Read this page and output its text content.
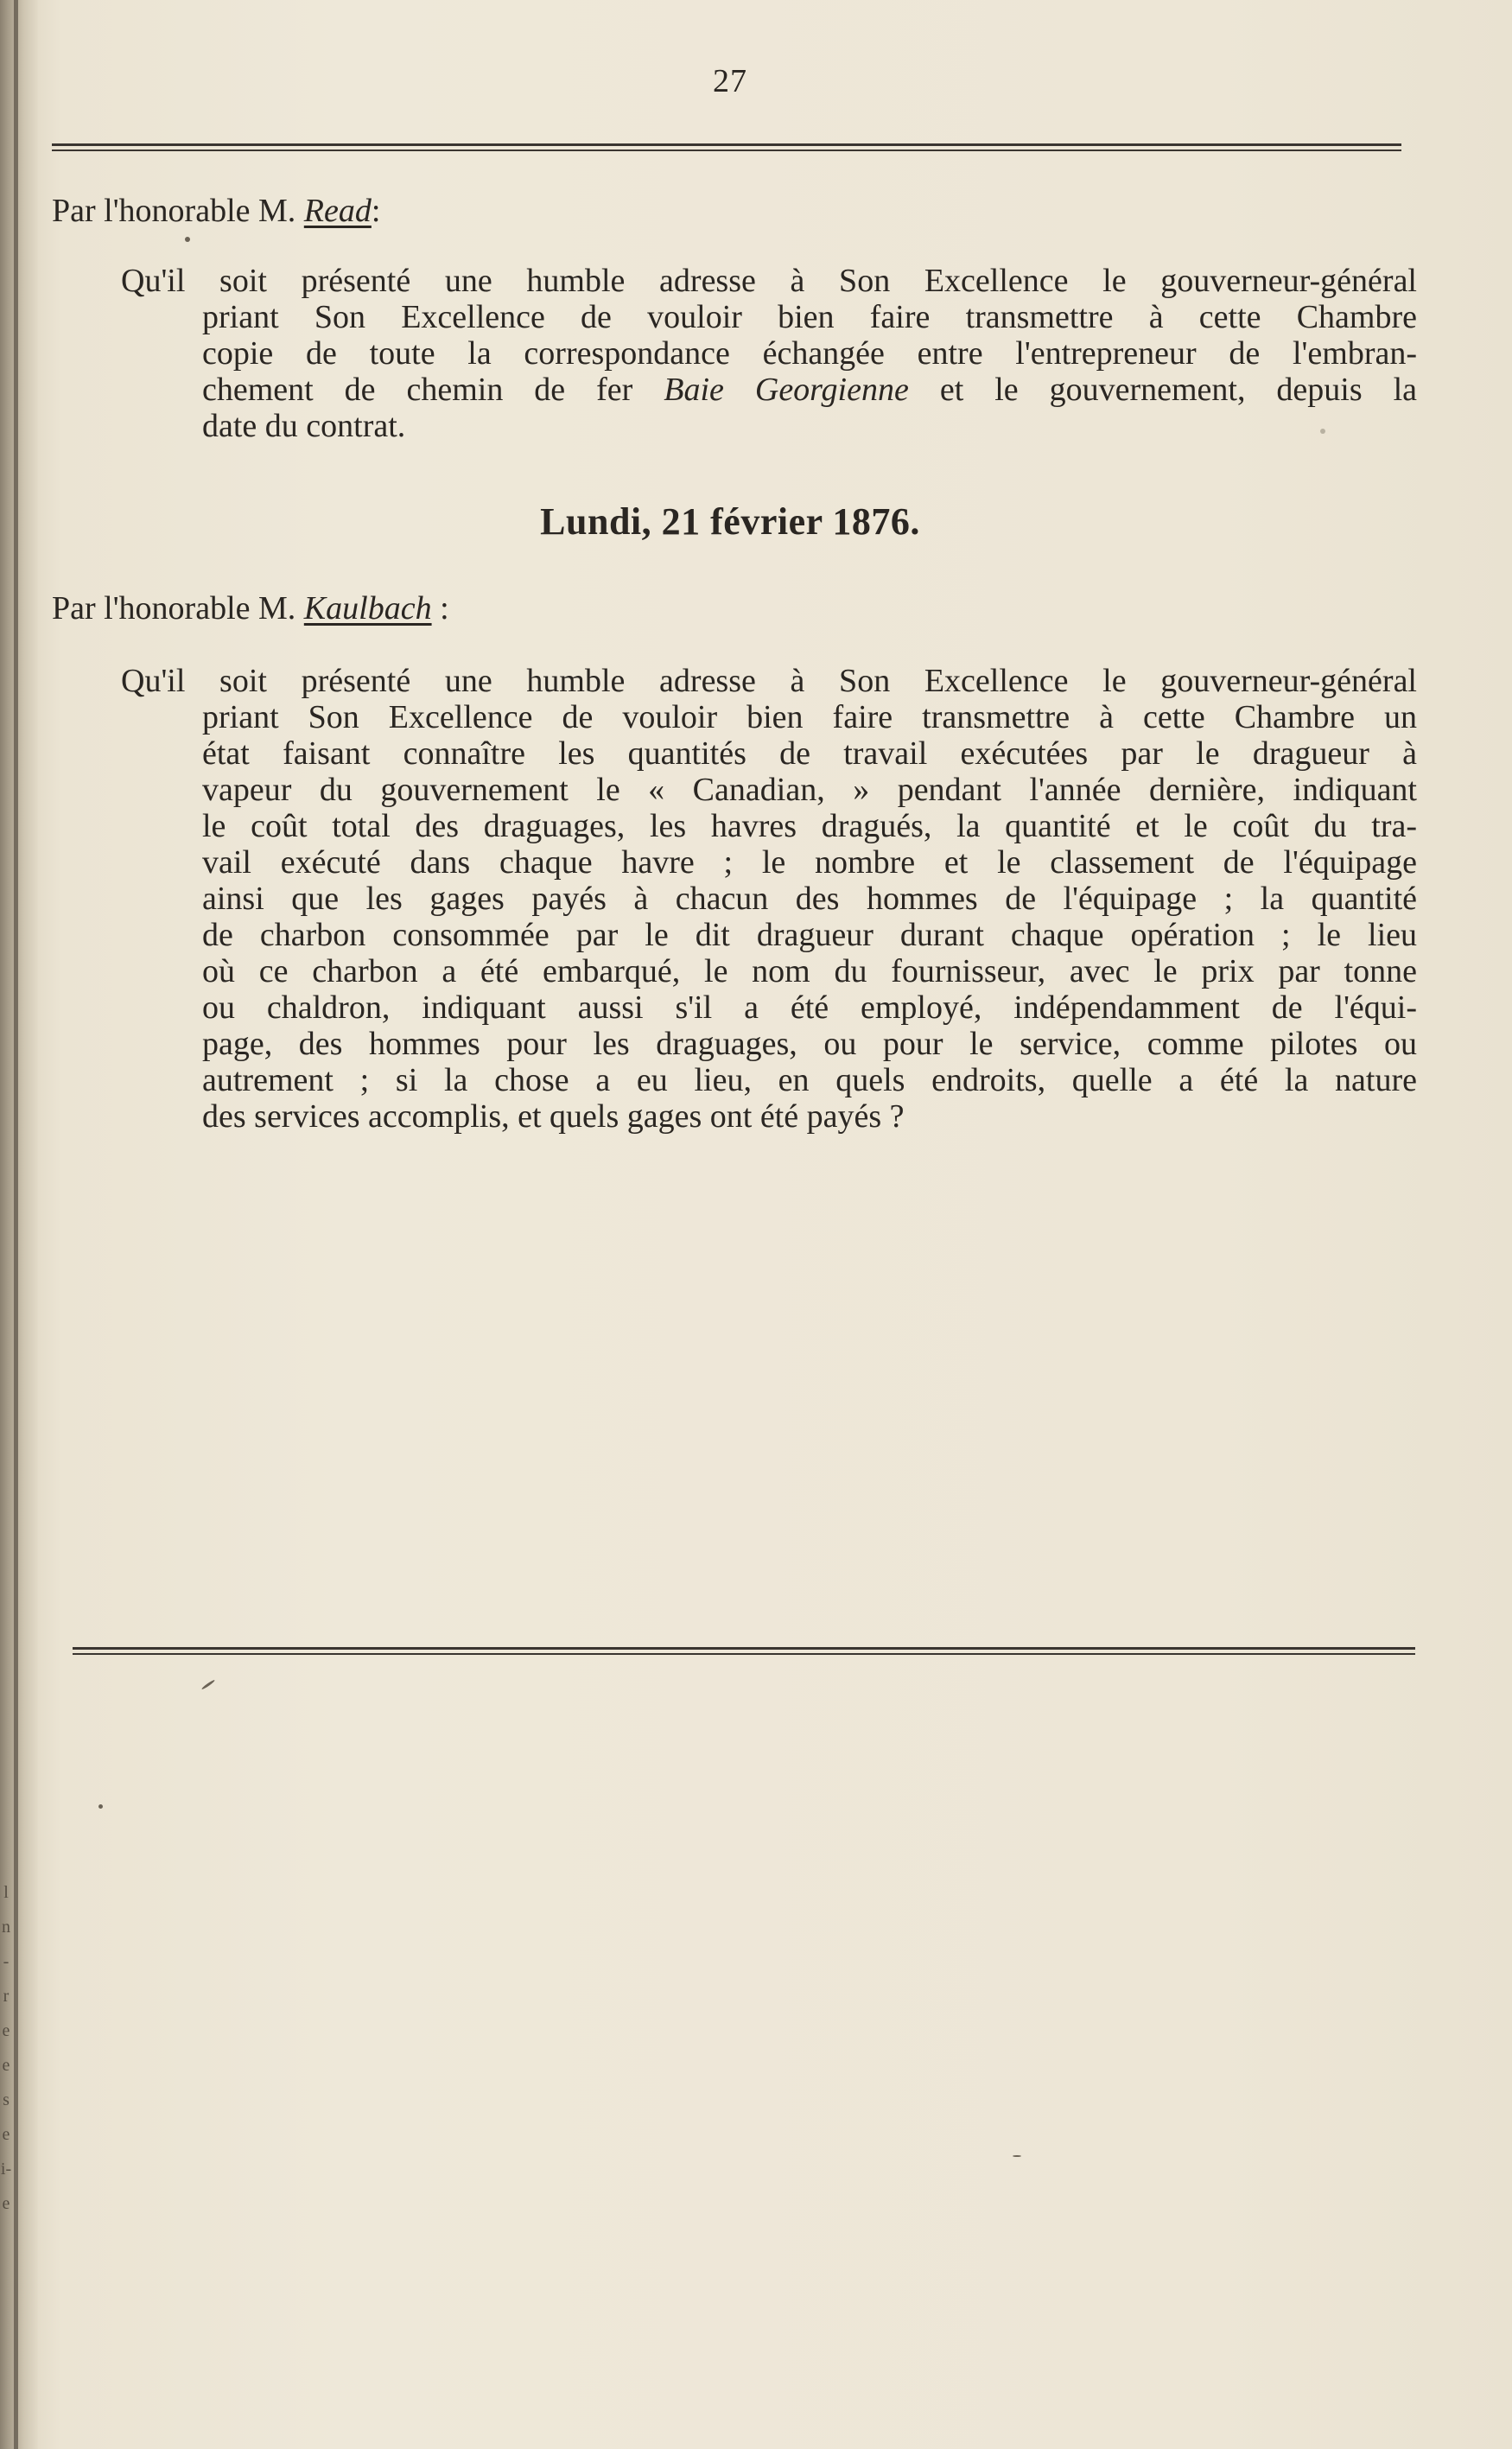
27
Par l'honorable M. Read:
Qu'il soit présenté une humble adresse à Son Excellence le gouverneur-général
priant Son Excellence de vouloir bien faire transmettre à cette Chambre
copie de toute la correspondance échangée entre l'entrepreneur de l'embran-
chement de chemin de fer Baie Georgienne et le gouvernement, depuis la
date du contrat.
Lundi, 21 février 1876.
Par l'honorable M. Kaulbach :
Qu'il soit présenté une humble adresse à Son Excellence le gouverneur-général
priant Son Excellence de vouloir bien faire transmettre à cette Chambre un
état faisant connaître les quantités de travail exécutées par le dragueur à
vapeur du gouvernement le « Canadian, » pendant l'année dernière, indiquant
le coût total des draguages, les havres dragués, la quantité et le coût du tra-
vail exécuté dans chaque havre ; le nombre et le classement de l'équipage
ainsi que les gages payés à chacun des hommes de l'équipage ; la quantité
de charbon consommée par le dit dragueur durant chaque opération ; le lieu
où ce charbon a été embarqué, le nom du fournisseur, avec le prix par tonne
ou chaldron, indiquant aussi s'il a été employé, indépendamment de l'équi-
page, des hommes pour les draguages, ou pour le service, comme pilotes ou
autrement ; si la chose a eu lieu, en quels endroits, quelle a été la nature
des services accomplis, et quels gages ont été payés ?
l
n
-
r
e
e
s
e
i-
e
